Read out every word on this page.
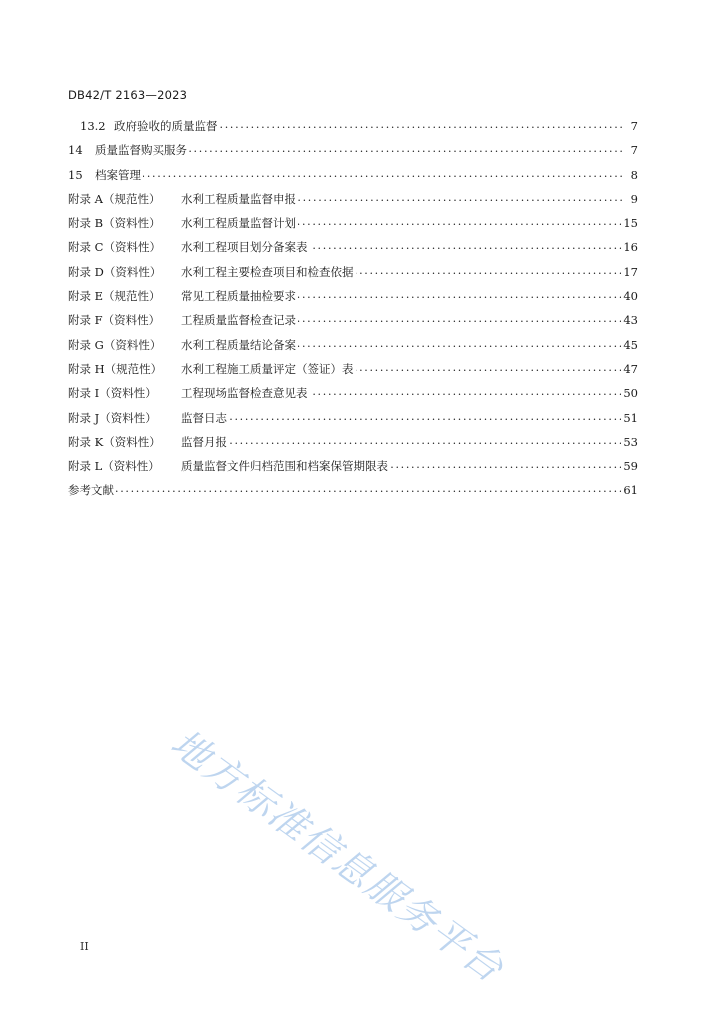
DB42/T 2163—2023
13.2 政府验收的质量监督 . . .	7
14	质量监督购买服务 . . .	7
15	档案管理 . . .	8
附录 A（规范性）	水利工程质量监督申报 . . .	9
附录 B（资料性）	水利工程质量监督计划 . . .	15
附录 C（资料性）	水利工程项目划分备案表 . . .	16
附录 D（资料性）	水利工程主要检查项目和检查依据 . . .	17
附录 E（规范性）	常见工程质量抽检要求 . . .	40
附录 F（资料性）	工程质量监督检查记录 . . .	43
附录 G（资料性）	水利工程质量结论备案 . . .	45
附录 H（规范性）	水利工程施工质量评定（签证）表 . . .	47
附录 I（资料性）	工程现场监督检查意见表 . . .	50
附录 J（资料性）	监督日志 . . .	51
附录 K（资料性）	监督月报 . . .	53
附录 L（资料性）	质量监督文件归档范围和档案保管期限表 . . .	59
参考文献 . . .	61
地方标准信息服务平台
II
